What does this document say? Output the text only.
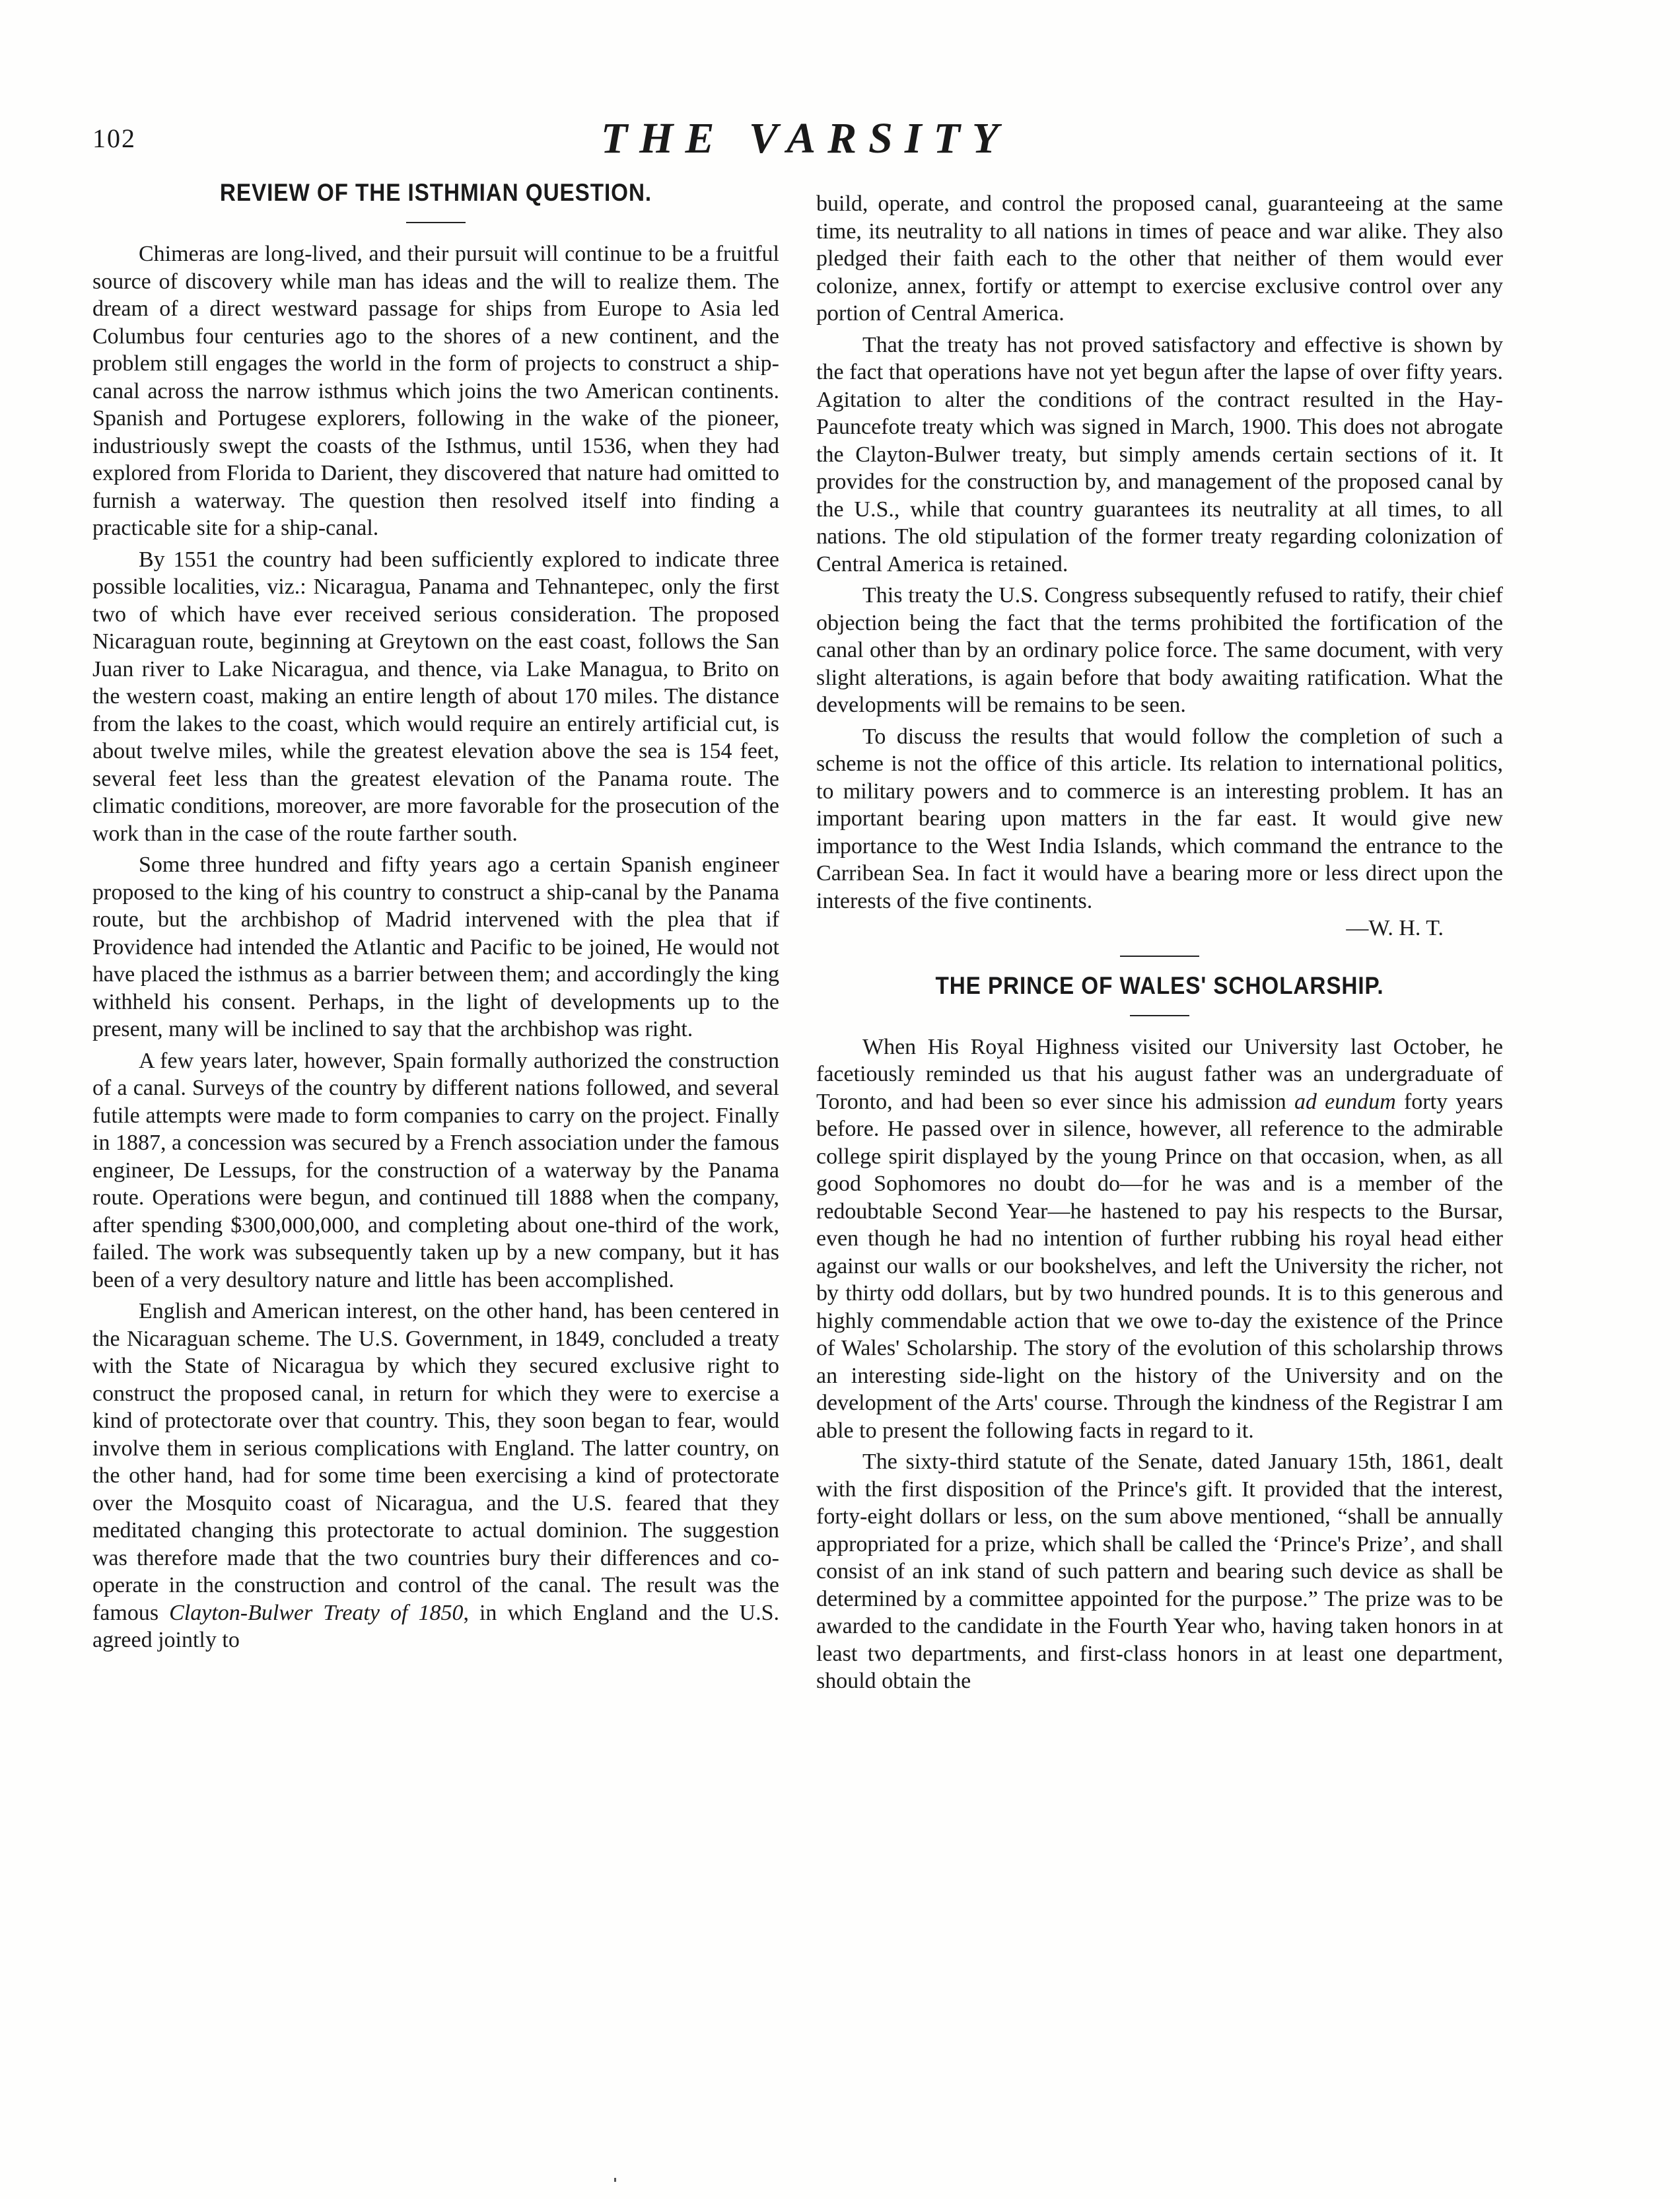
102	THE VARSITY
REVIEW OF THE ISTHMIAN QUESTION.

Chimeras are long-lived, and their pursuit will continue to be a fruitful source of discovery while man has ideas and the will to realize them. The dream of a direct westward passage for ships from Europe to Asia led Columbus four centuries ago to the shores of a new continent, and the problem still engages the world in the form of projects to construct a ship-canal across the narrow isthmus which joins the two American continents. Spanish and Portugese explorers, following in the wake of the pioneer, industriously swept the coasts of the Isthmus, until 1536, when they had explored from Florida to Darient, they discovered that nature had omitted to furnish a waterway. The question then resolved itself into finding a practicable site for a ship-canal.

By 1551 the country had been sufficiently explored to indicate three possible localities, viz.: Nicaragua, Panama and Tehnantepec, only the first two of which have ever received serious consideration. The proposed Nicaraguan route, beginning at Greytown on the east coast, follows the San Juan river to Lake Nicaragua, and thence, via Lake Managua, to Brito on the western coast, making an entire length of about 170 miles. The distance from the lakes to the coast, which would require an entirely artificial cut, is about twelve miles, while the greatest elevation above the sea is 154 feet, several feet less than the greatest elevation of the Panama route. The climatic conditions, moreover, are more favorable for the prosecution of the work than in the case of the route farther south.

Some three hundred and fifty years ago a certain Spanish engineer proposed to the king of his country to construct a ship-canal by the Panama route, but the archbishop of Madrid intervened with the plea that if Providence had intended the Atlantic and Pacific to be joined, He would not have placed the isthmus as a barrier between them; and accordingly the king withheld his consent. Perhaps, in the light of developments up to the present, many will be inclined to say that the archbishop was right.

A few years later, however, Spain formally authorized the construction of a canal. Surveys of the country by different nations followed, and several futile attempts were made to form companies to carry on the project. Finally in 1887, a concession was secured by a French association under the famous engineer, De Lessups, for the construction of a waterway by the Panama route. Operations were begun, and continued till 1888 when the company, after spending $300,000,000, and completing about one-third of the work, failed. The work was subsequently taken up by a new company, but it has been of a very desultory nature and little has been accomplished.

English and American interest, on the other hand, has been centered in the Nicaraguan scheme. The U.S. Government, in 1849, concluded a treaty with the State of Nicaragua by which they secured exclusive right to construct the proposed canal, in return for which they were to exercise a kind of protectorate over that country. This, they soon began to fear, would involve them in serious complications with England. The latter country, on the other hand, had for some time been exercising a kind of protectorate over the Mosquito coast of Nicaragua, and the U.S. feared that they meditated changing this protectorate to actual dominion. The suggestion was therefore made that the two countries bury their differences and co-operate in the construction and control of the canal. The result was the famous Clayton-Bulwer Treaty of 1850, in which England and the U.S. agreed jointly to

build, operate, and control the proposed canal, guaranteeing at the same time, its neutrality to all nations in times of peace and war alike. They also pledged their faith each to the other that neither of them would ever colonize, annex, fortify or attempt to exercise exclusive control over any portion of Central America.

That the treaty has not proved satisfactory and effective is shown by the fact that operations have not yet begun after the lapse of over fifty years. Agitation to alter the conditions of the contract resulted in the Hay-Pauncefote treaty which was signed in March, 1900. This does not abrogate the Clayton-Bulwer treaty, but simply amends certain sections of it. It provides for the construction by, and management of the proposed canal by the U.S., while that country guarantees its neutrality at all times, to all nations. The old stipulation of the former treaty regarding colonization of Central America is retained.

This treaty the U.S. Congress subsequently refused to ratify, their chief objection being the fact that the terms prohibited the fortification of the canal other than by an ordinary police force. The same document, with very slight alterations, is again before that body awaiting ratification. What the developments will be remains to be seen.

To discuss the results that would follow the completion of such a scheme is not the office of this article. Its relation to international politics, to military powers and to commerce is an interesting problem. It has an important bearing upon matters in the far east. It would give new importance to the West India Islands, which command the entrance to the Carribean Sea. In fact it would have a bearing more or less direct upon the interests of the five continents.

—W. H. T.
THE PRINCE OF WALES' SCHOLARSHIP.

When His Royal Highness visited our University last October, he facetiously reminded us that his august father was an undergraduate of Toronto, and had been so ever since his admission ad eundum forty years before. He passed over in silence, however, all reference to the admirable college spirit displayed by the young Prince on that occasion, when, as all good Sophomores no doubt do—for he was and is a member of the redoubtable Second Year—he hastened to pay his respects to the Bursar, even though he had no intention of further rubbing his royal head either against our walls or our bookshelves, and left the University the richer, not by thirty odd dollars, but by two hundred pounds. It is to this generous and highly commendable action that we owe to-day the existence of the Prince of Wales' Scholarship. The story of the evolution of this scholarship throws an interesting side-light on the history of the University and on the development of the Arts' course. Through the kindness of the Registrar I am able to present the following facts in regard to it.

The sixty-third statute of the Senate, dated January 15th, 1861, dealt with the first disposition of the Prince's gift. It provided that the interest, forty-eight dollars or less, on the sum above mentioned, “shall be annually appropriated for a prize, which shall be called the ‘Prince's Prize’, and shall consist of an ink stand of such pattern and bearing such device as shall be determined by a committee appointed for the purpose.” The prize was to be awarded to the candidate in the Fourth Year who, having taken honors in at least two departments, and first-class honors in at least one department, should obtain the
